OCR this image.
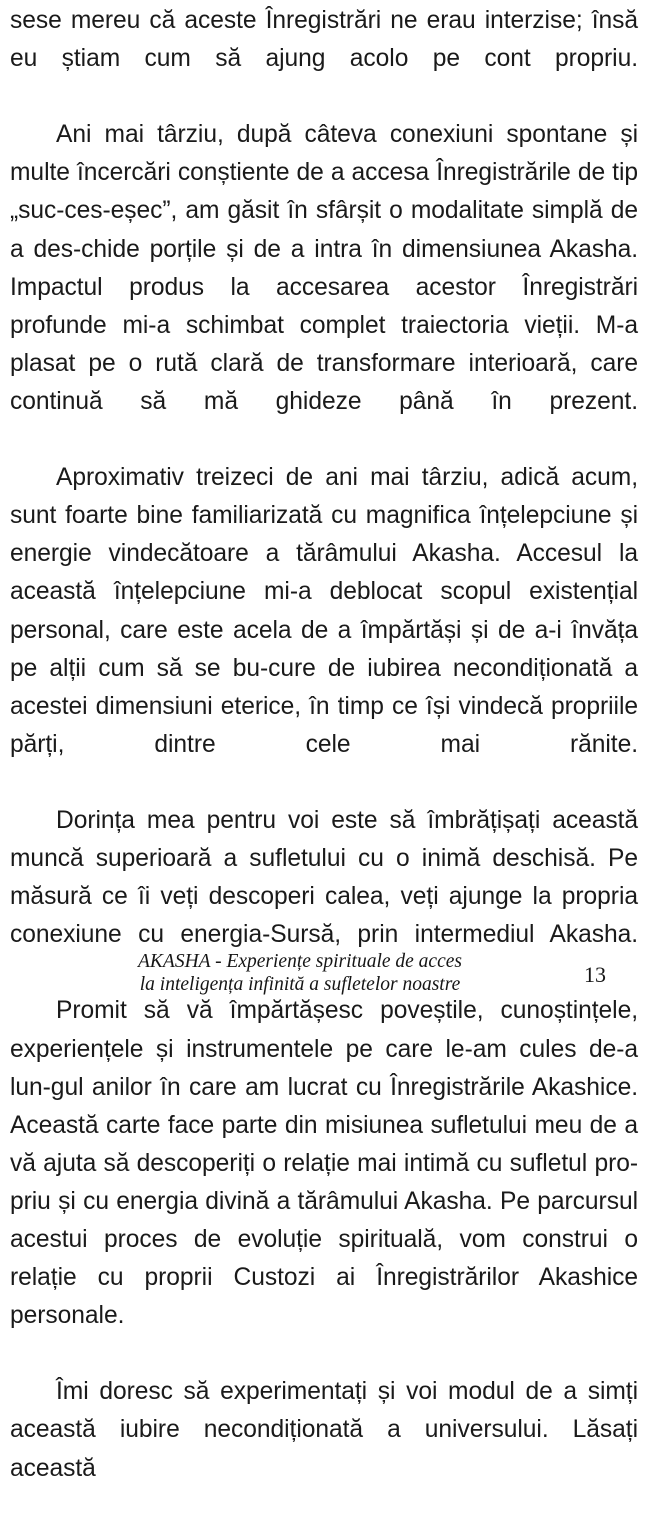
sese mereu că aceste Înregistrări ne erau interzise; însă eu știam cum să ajung acolo pe cont propriu.

Ani mai târziu, după câteva conexiuni spontane și multe încercări conștiente de a accesa Înregistrările de tip „suc-ces-eșec”, am găsit în sfârșit o modalitate simplă de a des-chide porțile și de a intra în dimensiunea Akasha. Impactul produs la accesarea acestor Înregistrări profunde mi-a schimbat complet traiectoria vieții. M-a plasat pe o rută clară de transformare interioară, care continuă să mă ghideze până în prezent.

Aproximativ treizeci de ani mai târziu, adică acum, sunt foarte bine familiarizată cu magnifica înțelepciune și energie vindecătoare a tărâmului Akasha. Accesul la această înțelepciune mi-a deblocat scopul existențial personal, care este acela de a împărtăși și de a-i învăța pe alții cum să se bu-cure de iubirea necondiționată a acestei dimensiuni eterice, în timp ce își vindecă propriile părți, dintre cele mai rănite.

Dorința mea pentru voi este să îmbrățișați această muncă superioară a sufletului cu o inimă deschisă. Pe măsură ce îi veți descoperi calea, veți ajunge la propria conexiune cu energia-Sursă, prin intermediul Akasha.

Promit să vă împărtășesc poveștile, cunoștințele, experiențele și instrumentele pe care le-am cules de-a lun-gul anilor în care am lucrat cu Înregistrările Akashice. Această carte face parte din misiunea sufletului meu de a vă ajuta să descoperiți o relație mai intimă cu sufletul pro-priu și cu energia divină a tărâmului Akasha. Pe parcursul acestui proces de evoluție spirituală, vom construi o relație cu proprii Custozi ai Înregistrărilor Akashice personale.

Îmi doresc să experimentați și voi modul de a simți această iubire necondiționată a universului. Lăsați această

AKASHA - Experiențe spirituale de acces
la inteligența infinită a sufletelor noastre	13
